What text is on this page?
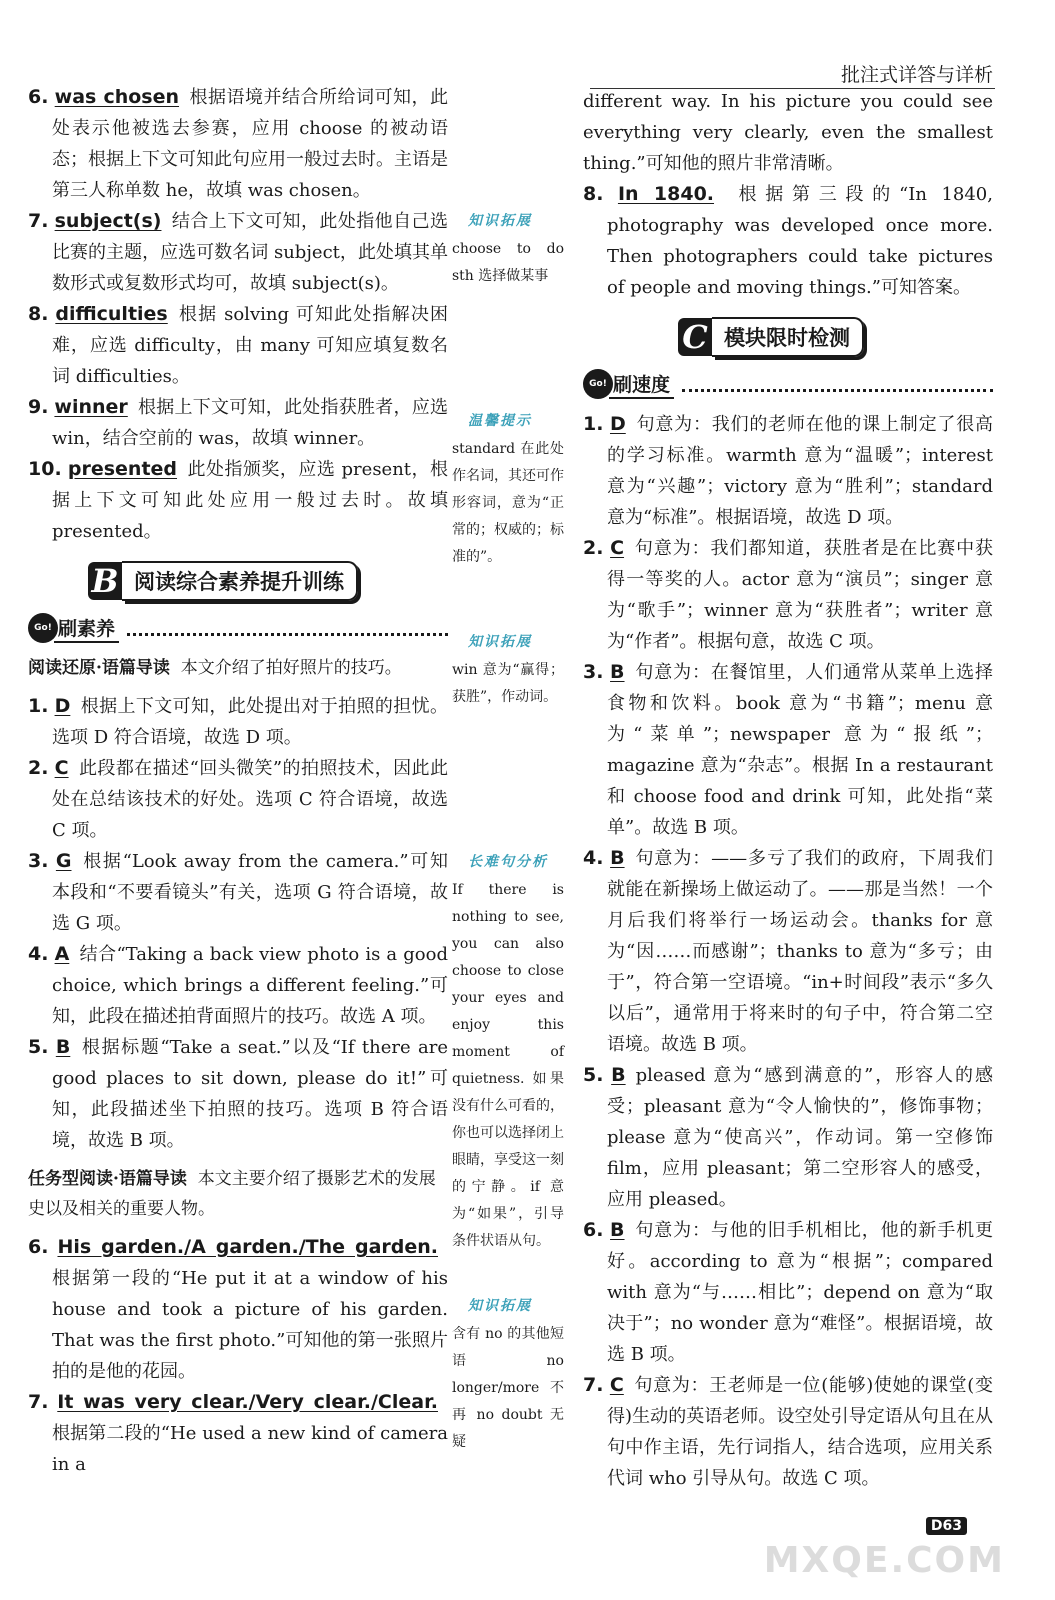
批注式详答与详析

6. was chosen 根据语境并结合所给词可知，此处表示他被选去参赛，应用 choose 的被动语态；根据上下文可知此句应用一般过去时。主语是第三人称单数 he，故填 was chosen。

7. subject(s) 结合上下文可知，此处指他自己选比赛的主题，应选可数名词 subject，此处填其单数形式或复数形式均可，故填 subject(s)。

8. difficulties 根据 solving 可知此处指解决困难，应选 difficulty，由 many 可知应填复数名词 difficulties。

9. winner 根据上下文可知，此处指获胜者，应选 win，结合空前的 was，故填 winner。

10. presented 此处指颁奖，应选 present，根据上下文可知此处应用一般过去时。故填 presented。

B 阅读综合素养提升训练
Go! 刷素养

阅读还原·语篇导读 本文介绍了拍好照片的技巧。

1. D 根据上下文可知，此处提出对于拍照的担忧。选项 D 符合语境，故选 D 项。

2. C 此段都在描述“回头微笑”的拍照技术，因此此处在总结该技术的好处。选项 C 符合语境，故选 C 项。

3. G 根据“Look away from the camera.”可知本段和“不要看镜头”有关，选项 G 符合语境，故选 G 项。

4. A 结合“Taking a back view photo is a good choice, which brings a different feeling.”可知，此段在描述拍背面照片的技巧。故选 A 项。

5. B 根据标题“Take a seat.”以及“If there are good places to sit down, please do it!”可知，此段描述坐下拍照的技巧。选项 B 符合语境，故选 B 项。

任务型阅读·语篇导读 本文主要介绍了摄影艺术的发展史以及相关的重要人物。

6. His garden./A garden./The garden.根据第一段的“He put it at a window of his house and took a picture of his garden. That was the first photo.”可知他的第一张照片拍的是他的花园。

7. It was very clear./Very clear./Clear.根据第二段的“He used a new kind of camera in a

知识拓展

choose to do sth 选择做某事

温馨提示

standard 在此处作名词，其还可作形容词，意为“正常的；权威的；标准的”。

知识拓展

win 意为“赢得；获胜”，作动词。

长难句分析

If there is nothing to see, you can also choose to close your eyes and enjoy this moment of quietness. 如果没有什么可看的，你也可以选择闭上眼睛，享受这一刻的宁静。if 意为“如果”，引导条件状语从句。

知识拓展

含有 no 的其他短语 no longer/more 不再 no doubt 无疑

different way. In his picture you could see everything very clearly, even the smallest thing.”可知他的照片非常清晰。

8. In 1840. 根据第三段的“In 1840, photography was developed once more. Then photographers could take pictures of people and moving things.”可知答案。

C 模块限时检测
Go! 刷速度

1. D 句意为：我们的老师在他的课上制定了很高的学习标准。warmth 意为“温暖”；interest 意为“兴趣”；victory 意为“胜利”；standard 意为“标准”。根据语境，故选 D 项。

2. C 句意为：我们都知道，获胜者是在比赛中获得一等奖的人。actor 意为“演员”；singer 意为“歌手”；winner 意为“获胜者”；writer 意为“作者”。根据句意，故选 C 项。

3. B 句意为：在餐馆里，人们通常从菜单上选择食物和饮料。book 意为“书籍”；menu 意为“菜单”；newspaper 意为“报纸”；magazine 意为“杂志”。根据 In a restaurant 和 choose food and drink 可知，此处指“菜单”。故选 B 项。

4. B 句意为：——多亏了我们的政府，下周我们就能在新操场上做运动了。——那是当然！一个月后我们将举行一场运动会。thanks for 意为“因……而感谢”；thanks to 意为“多亏；由于”，符合第一空语境。“in+时间段”表示“多久以后”，通常用于将来时的句子中，符合第二空语境。故选 B 项。

5. B pleased 意为“感到满意的”，形容人的感受；pleasant 意为“令人愉快的”，修饰事物；please 意为“使高兴”，作动词。第一空修饰 film，应用 pleasant；第二空形容人的感受，应用 pleased。

6. B 句意为：与他的旧手机相比，他的新手机更好。according to 意为“根据”；compared with 意为“与……相比”；depend on 意为“取决于”；no wonder 意为“难怪”。根据语境，故选 B 项。

7. C 句意为：王老师是一位(能够)使她的课堂(变得)生动的英语老师。设空处引导定语从句且在从句中作主语，先行词指人，结合选项，应用关系代词 who 引导从句。故选 C 项。

D63
MXQE.COM
